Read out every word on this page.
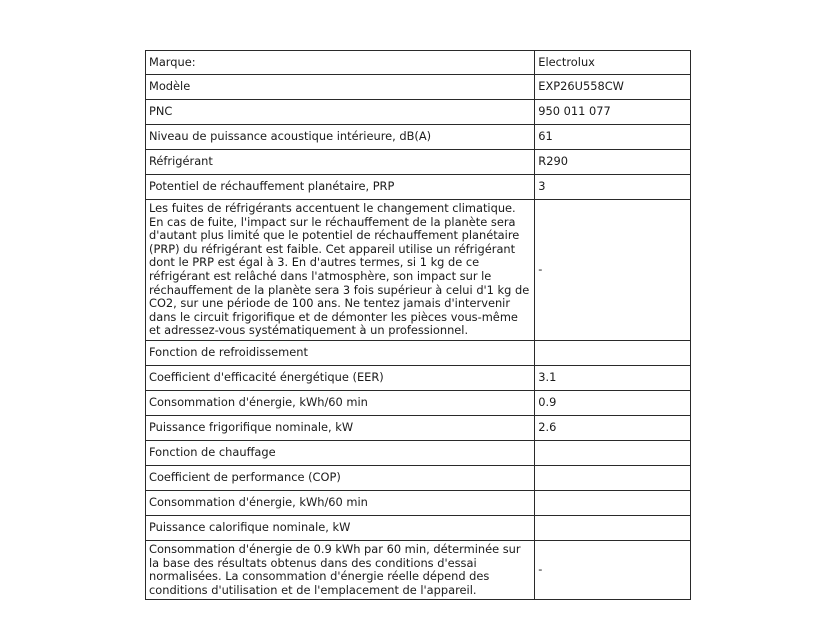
Marque:	Electrolux
Modèle	EXP26U558CW
PNC	950 011 077
Niveau de puissance acoustique intérieure, dB(A)	61
Réfrigérant	R290
Potentiel de réchauffement planétaire, PRP	3
Les fuites de réfrigérants accentuent le changement climatique. En cas de fuite, l'impact sur le réchauffement de la planète sera d'autant plus limité que le potentiel de réchauffement planétaire (PRP) du réfrigérant est faible. Cet appareil utilise un réfrigérant dont le PRP est égal à 3. En d'autres termes, si 1 kg de ce réfrigérant est relâché dans l'atmosphère, son impact sur le réchauffement de la planète sera 3 fois supérieur à celui d'1 kg de CO2, sur une période de 100 ans. Ne tentez jamais d'intervenir dans le circuit frigorifique et de démonter les pièces vous-même et adressez-vous systématiquement à un professionnel.	-
Fonction de refroidissement	
Coefficient d'efficacité énergétique (EER)	3.1
Consommation d'énergie, kWh/60 min	0.9
Puissance frigorifique nominale, kW	2.6
Fonction de chauffage	
Coefficient de performance (COP)	
Consommation d'énergie, kWh/60 min	
Puissance calorifique nominale, kW	
Consommation d'énergie de 0.9 kWh par 60 min, déterminée sur la base des résultats obtenus dans des conditions d'essai normalisées. La consommation d'énergie réelle dépend des conditions d'utilisation et de l'emplacement de l'appareil.	-
